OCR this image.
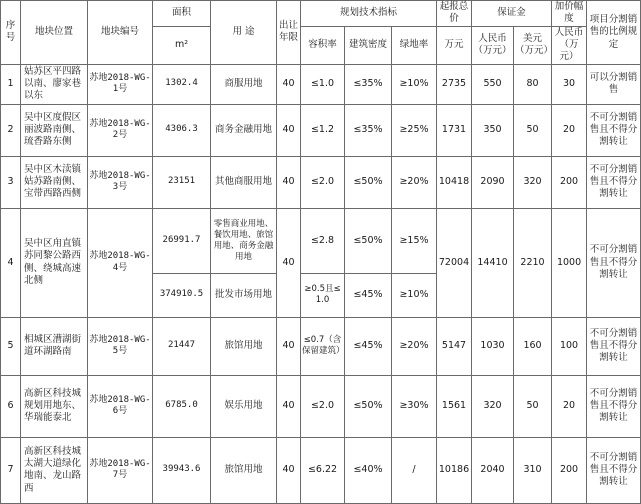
序号	地块位置	地块编号	面积	用 途	出让年限	规划技术指标			起报总价	保证金		加价幅度	项目分割销售的比例规定
			m²			容积率	建筑密度	绿地率	万元	人民币（万元）	美元（万元）	人民币（万元）	
1	姑苏区平四路以南、廖家巷以东	苏地2018-WG-1号	1302.4	商服用地	40	≤1.0	≤35%	≥10%	2735	550	80	30	可以分割销售
2	吴中区度假区丽波路南侧、琉香路东侧	苏地2018-WG-2号	4306.3	商务金融用地	40	≤1.2	≤35%	≥25%	1731	350	50	20	不可分割销售且不得分割转让
3	吴中区木渎镇姑苏路南侧、宝带西路西侧	苏地2018-WG-3号	23151	其他商服用地	40	≤2.0	≤50%	≥20%	10418	2090	320	200	不可分割销售且不得分割转让
4	吴中区甪直镇苏同黎公路西侧、绕城高速北侧	苏地2018-WG-4号	26991.7	零售商业用地、餐饮用地、旅馆用地、商务金融用地	40	≤2.8	≤50%	≥15%	72004	14410	2210	1000	不可分割销售且不得分割转让
			374910.5	批发市场用地		≥0.5且≤1.0	≤45%	≥10%					
5	相城区漕湖街道环湖路南	苏地2018-WG-5号	21447	旅馆用地	40	≤0.7（含保留建筑）	≤45%	≥20%	5147	1030	160	100	不可分割销售且不得分割转让
6	高新区科技城规划用地东、华瑞能泰北	苏地2018-WG-6号	6785.0	娱乐用地	40	≤2.0	≤50%	≥30%	1561	320	50	20	不可分割销售且不得分割转让
7	高新区科技城太湖大道绿化地南、龙山路西	苏地2018-WG-7号	39943.6	旅馆用地	40	≤6.22	≤40%	/	10186	2040	310	200	不可分割销售且不得分割转让
